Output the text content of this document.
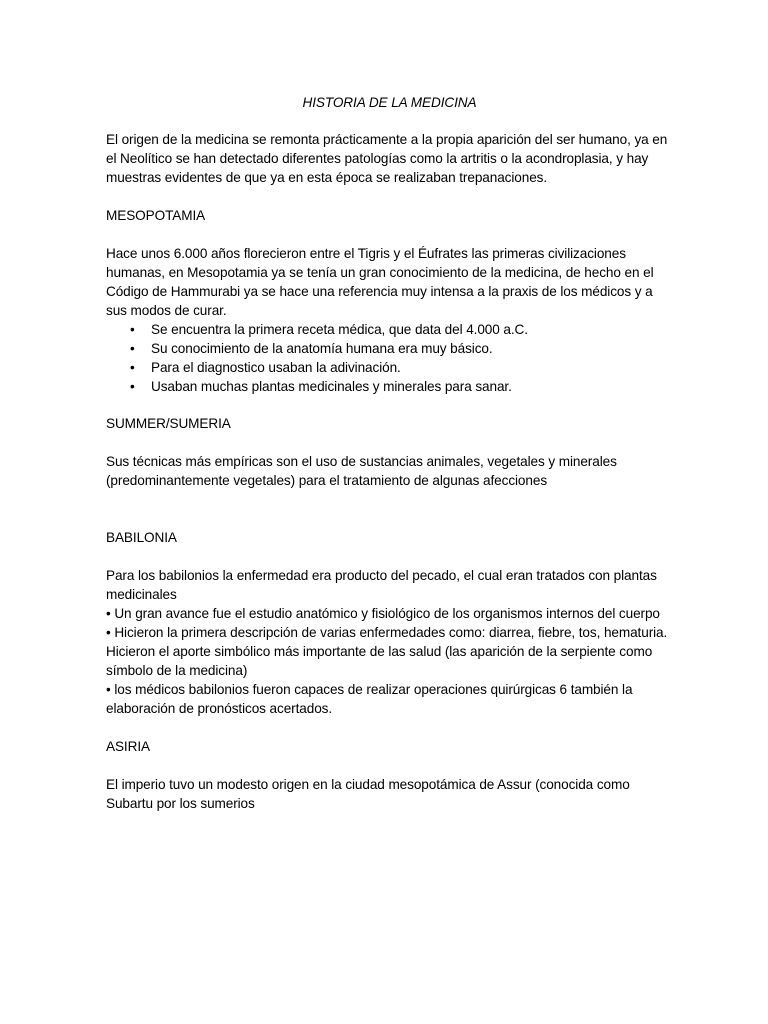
HISTORIA DE LA MEDICINA

El origen de la medicina se remonta prácticamente a la propia aparición del ser humano, ya en el Neolítico se han detectado diferentes patologías como la artritis o la acondroplasia, y hay muestras evidentes de que ya en esta época se realizaban trepanaciones.

MESOPOTAMIA

Hace unos 6.000 años florecieron entre el Tigris y el Éufrates las primeras civilizaciones humanas, en Mesopotamia ya se tenía un gran conocimiento de la medicina, de hecho en el Código de Hammurabi ya se hace una referencia muy intensa a la praxis de los médicos y a sus modos de curar.

• Se encuentra la primera receta médica, que data del 4.000 a.C.
• Su conocimiento de la anatomía humana era muy básico.
• Para el diagnostico usaban la adivinación.
• Usaban muchas plantas medicinales y minerales para sanar.

SUMMER/SUMERIA

Sus técnicas más empíricas son el uso de sustancias animales, vegetales y minerales (predominantemente vegetales) para el tratamiento de algunas afecciones

BABILONIA

Para los babilonios la enfermedad era producto del pecado, el cual eran tratados con plantas medicinales
• Un gran avance fue el estudio anatómico y fisiológico de los organismos internos del cuerpo
• Hicieron la primera descripción de varias enfermedades como: diarrea, fiebre, tos, hematuria.
Hicieron el aporte simbólico más importante de las salud (las aparición de la serpiente como símbolo de la medicina)
• los médicos babilonios fueron capaces de realizar operaciones quirúrgicas 6 también la elaboración de pronósticos acertados.

ASIRIA

El imperio tuvo un modesto origen en la ciudad mesopotámica de Assur (conocida como Subartu por los sumerios
